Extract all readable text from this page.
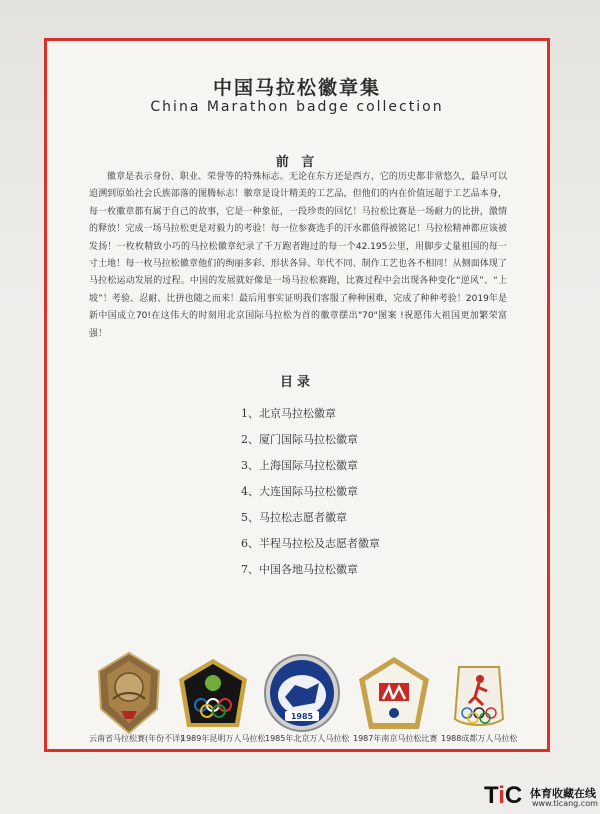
中国马拉松徽章集
China Marathon badge collection
前 言
徽章是表示身份、职业、荣誉等的特殊标志。无论在东方还是西方，它的历史都非常悠久，最早可以追溯到原始社会氏族部落的图腾标志！徽章是设计精美的工艺品，但他们的内在价值远超于工艺品本身，每一枚徽章都有属于自己的故事，它是一种象征，一段珍贵的回忆！马拉松比赛是一场耐力的比拼，激情的释放！完成一场马拉松更是对毅力的考验！每一位参赛选手的汗水都值得被铭记！马拉松精神都应该被发扬！一枚枚精致小巧的马拉松徽章纪录了千万跑者跑过的每一个42.195公里，用脚步丈量祖国的每一寸土地！每一枚马拉松徽章他们的绚丽多彩、形状各异、年代不同、制作工艺也各不相同！从侧面体现了马拉松运动发展的过程。中国的发展就好像是一场马拉松赛跑，比赛过程中会出现各种变化“逆风”、“上坡”！考验、忍耐、比拼也随之而来！最后用事实证明我们客服了种种困难，完成了种种考验！2019年是新中国成立70!在这伟大的时刻用北京国际马拉松为首的徽章摆出"70"图案 !祝愿伟大祖国更加繁荣富强！
目录
1、北京马拉松徽章
2、厦门国际马拉松徽章
3、上海国际马拉松徽章
4、大连国际马拉松徽章
5、马拉松志愿者徽章
6、半程马拉松及志愿者徽章
7、中国各地马拉松徽章
1985
云南省马拉松赛(年份不详)
1989年昆明万人马拉松 1985年北京万人马拉松 1987年南京马拉松比赛 1988成都万人马拉松
TiC 体育收藏在线
www.ticang.com
